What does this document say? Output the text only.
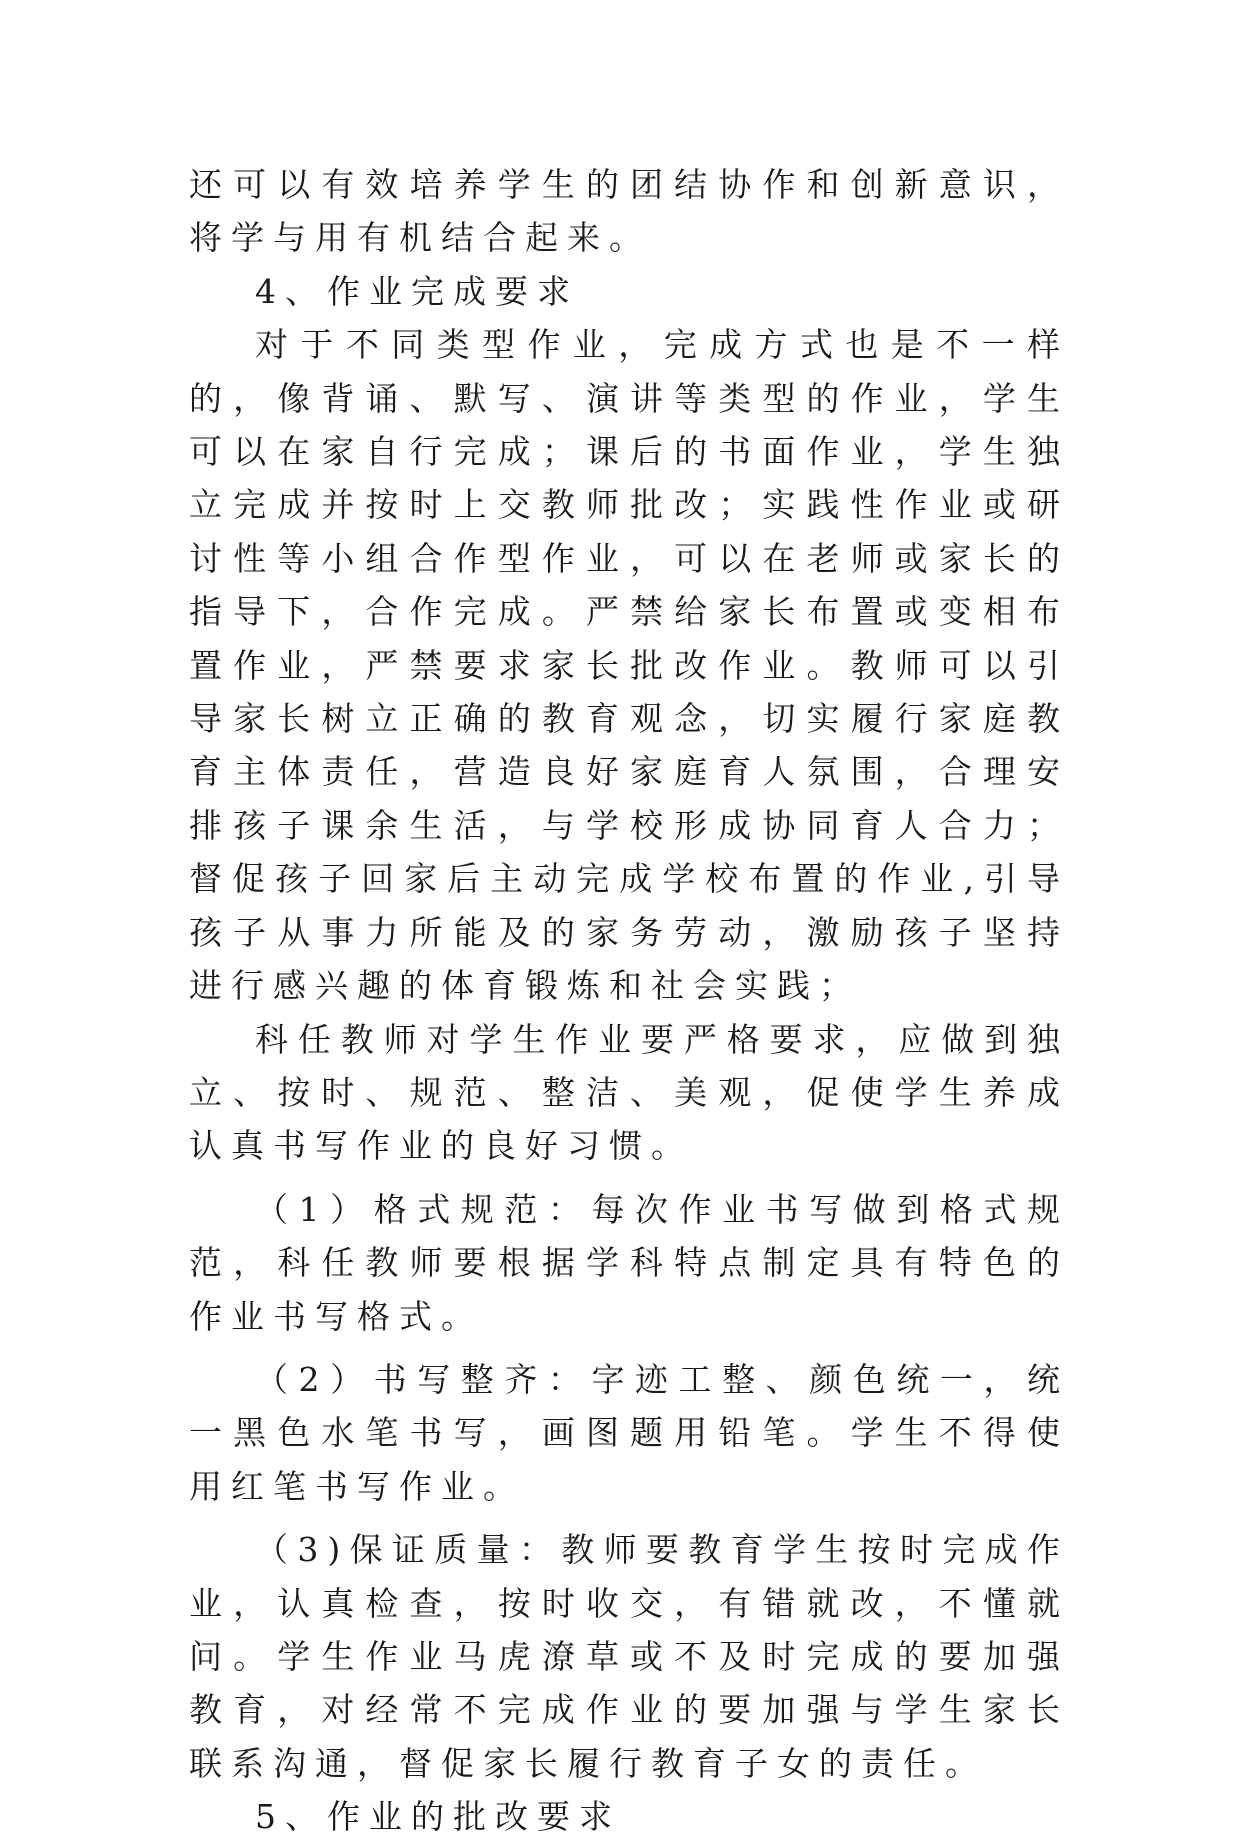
还可以有效培养学生的团结协作和创新意识，将学与用有机结合起来。

4、作业完成要求

对于不同类型作业，完成方式也是不一样的，像背诵、默写、演讲等类型的作业，学生可以在家自行完成；课后的书面作业，学生独立完成并按时上交教师批改；实践性作业或研讨性等小组合作型作业，可以在老师或家长的指导下，合作完成。严禁给家长布置或变相布置作业，严禁要求家长批改作业。教师可以引导家长树立正确的教育观念，切实履行家庭教育主体责任，营造良好家庭育人氛围，合理安排孩子课余生活，与学校形成协同育人合力；督促孩子回家后主动完成学校布置的作业,引导孩子从事力所能及的家务劳动，激励孩子坚持进行感兴趣的体育锻炼和社会实践；

科任教师对学生作业要严格要求，应做到独立、按时、规范、整洁、美观，促使学生养成认真书写作业的良好习惯。

（1）格式规范：每次作业书写做到格式规范，科任教师要根据学科特点制定具有特色的作业书写格式。

（2）书写整齐：字迹工整、颜色统一，统一黑色水笔书写，画图题用铅笔。学生不得使用红笔书写作业。

（3)保证质量：教师要教育学生按时完成作业，认真检查，按时收交，有错就改，不懂就问。学生作业马虎潦草或不及时完成的要加强教育，对经常不完成作业的要加强与学生家长联系沟通，督促家长履行教育子女的责任。

5、作业的批改要求
